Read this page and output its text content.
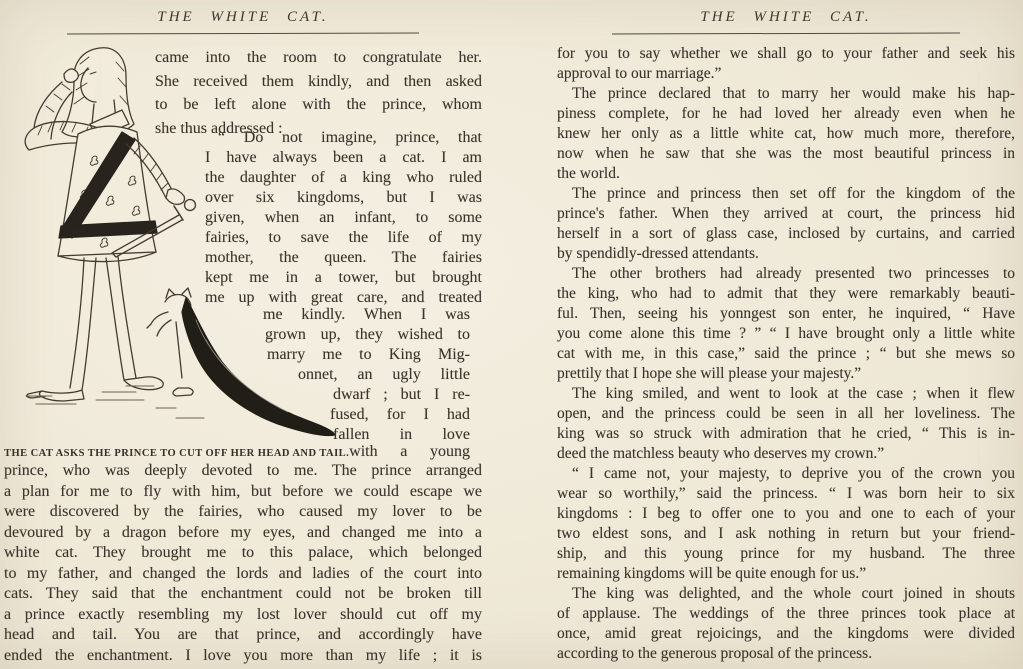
THE WHITE CAT.
came into the room to congratulate her.
She received them kindly, and then asked
to be left alone with the prince, whom
she thus addressed :
“ Do not imagine, prince, that
I have always been a cat. I am
the daughter of a king who ruled
over six kingdoms, but I was
given, when an infant, to some
fairies, to save the life of my
mother, the queen. The fairies
kept me in a tower, but brought
me up with great care, and treated
me kindly. When I was
grown up, they wished to
marry me to King Mig-
onnet, an ugly little
dwarf ; but I re-
fused, for I had
fallen in love
THE CAT ASKS THE PRINCE TO CUT OFF HER HEAD AND TAIL. with a young
prince, who was deeply devoted to me. The prince arranged
a plan for me to fly with him, but before we could escape we
were discovered by the fairies, who caused my lover to be
devoured by a dragon before my eyes, and changed me into a
white cat. They brought me to this palace, which belonged
to my father, and changed the lords and ladies of the court into
cats. They said that the enchantment could not be broken till
a prince exactly resembling my lost lover should cut off my
head and tail. You are that prince, and accordingly have
ended the enchantment. I love you more than my life ; it is
THE WHITE CAT.
for you to say whether we shall go to your father and seek his
approval to our marriage.”
The prince declared that to marry her would make his hap-
piness complete, for he had loved her already even when he
knew her only as a little white cat, how much more, therefore,
now when he saw that she was the most beautiful princess in
the world.
The prince and princess then set off for the kingdom of the
prince's father. When they arrived at court, the princess hid
herself in a sort of glass case, inclosed by curtains, and carried
by spendidly-dressed attendants.
The other brothers had already presented two princesses to
the king, who had to admit that they were remarkably beauti-
ful. Then, seeing his yonngest son enter, he inquired, “ Have
you come alone this time ? ” “ I have brought only a little white
cat with me, in this case,” said the prince ; “ but she mews so
prettily that I hope she will please your majesty.”
The king smiled, and went to look at the case ; when it flew
open, and the princess could be seen in all her loveliness. The
king was so struck with admiration that he cried, “ This is in-
deed the matchless beauty who deserves my crown.”
“ I came not, your majesty, to deprive you of the crown you
wear so worthily,” said the princess. “ I was born heir to six
kingdoms : I beg to offer one to you and one to each of your
two eldest sons, and I ask nothing in return but your friend-
ship, and this young prince for my husband. The three
remaining kingdoms will be quite enough for us.”
The king was delighted, and the whole court joined in shouts
of applause. The weddings of the three princes took place at
once, amid great rejoicings, and the kingdoms were divided
according to the generous proposal of the princess.
